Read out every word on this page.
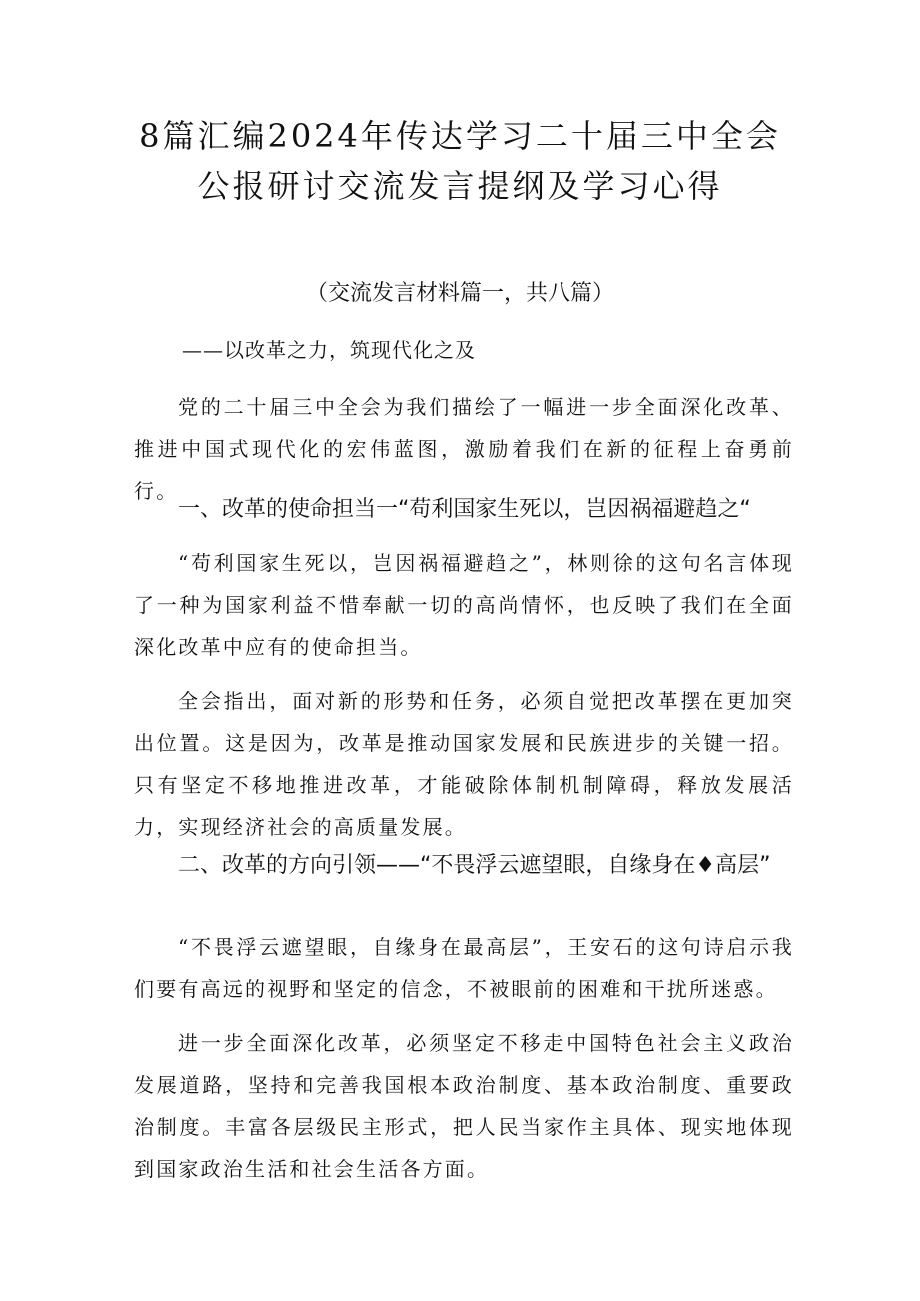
8篇汇编2024年传达学习二十届三中全会
公报研讨交流发言提纲及学习心得
（交流发言材料篇一，共八篇）
——以改革之力，筑现代化之及

党的二十届三中全会为我们描绘了一幅进一步全面深化改革、推进中国式现代化的宏伟蓝图，激励着我们在新的征程上奋勇前行。

一、改革的使命担当一“苟利国家生死以，岂因祸福避趋之“

“苟利国家生死以，岂因祸福避趋之”，林则徐的这句名言体现了一种为国家利益不惜奉献一切的高尚情怀，也反映了我们在全面深化改革中应有的使命担当。

全会指出，面对新的形势和任务，必须自觉把改革摆在更加突出位置。这是因为，改革是推动国家发展和民族进步的关键一招。只有坚定不移地推进改革，才能破除体制机制障碍，释放发展活力，实现经济社会的高质量发展。

二、改革的方向引领——“不畏浮云遮望眼，自缘身在♦高层”

“不畏浮云遮望眼，自缘身在最高层”，王安石的这句诗启示我们要有高远的视野和坚定的信念，不被眼前的困难和干扰所迷惑。

进一步全面深化改革，必须坚定不移走中国特色社会主义政治发展道路，坚持和完善我国根本政治制度、基本政治制度、重要政治制度。丰富各层级民主形式，把人民当家作主具体、现实地体现到国家政治生活和社会生活各方面。
